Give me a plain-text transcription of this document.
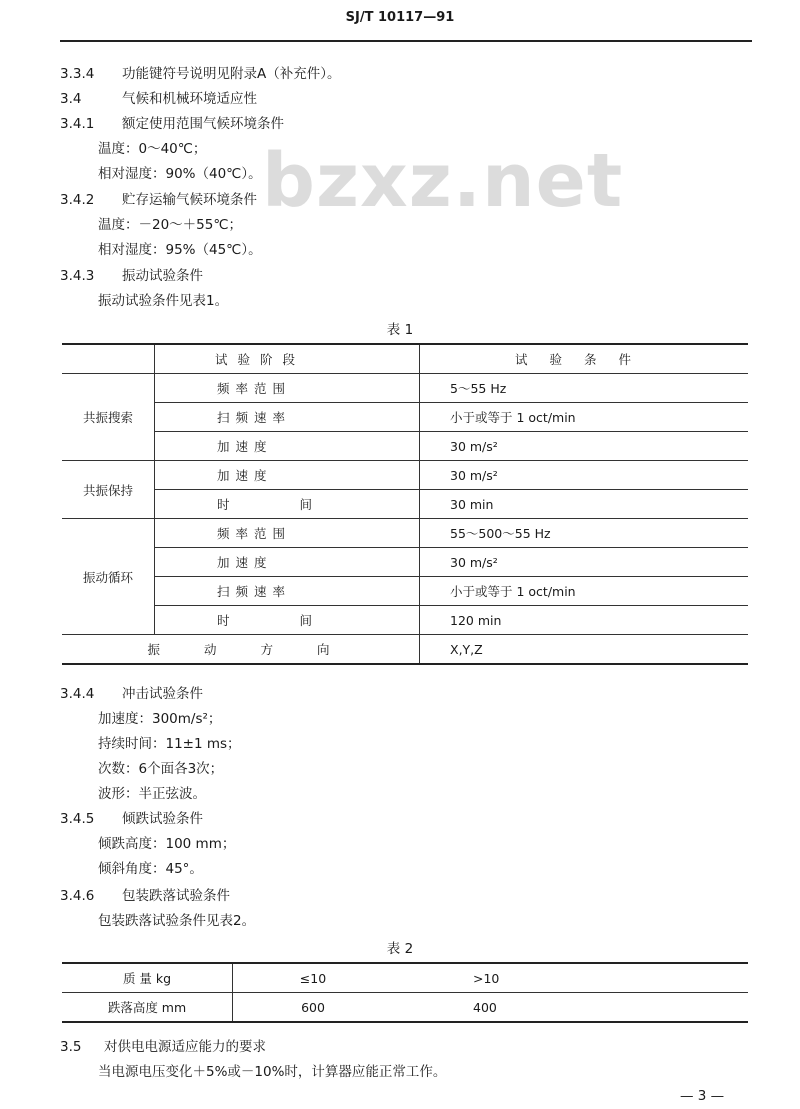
SJ/T 10117—91
bzxz.net
3.3.4 功能键符号说明见附录A（补充件）。
3.4	气候和机械环境适应性
3.4.1 额定使用范围气候环境条件
温度：0～40℃；
相对湿度：90%（40℃）。
3.4.2 贮存运输气候环境条件
温度：－20～＋55℃；
相对湿度：95%（45℃）。
3.4.3 振动试验条件
振动试验条件见表1。
表 1
	试验阶段	试验条件
共振搜索	频率范围	5～55 Hz
	扫频速率	小于或等于 1 oct/min
	加速度	30 m/s²
共振保持	加速度	30 m/s²
	时间	30 min
振动循环	频率范围	55～500～55 Hz
	加速度	30 m/s²
	扫频速率	小于或等于 1 oct/min
	时间	120 min
振动方向		X,Y,Z
3.4.4 冲击试验条件
加速度：300m/s²；
持续时间：11±1 ms；
次数：6个面各3次；
波形：半正弦波。
3.4.5 倾跌试验条件
倾跌高度：100 mm；
倾斜角度：45°。
3.4.6 包装跌落试验条件
包装跌落试验条件见表2。
表 2
质 量 kg	≤10	>10
跌落高度 mm	600	400
3.5 对供电电源适应能力的要求
当电源电压变化＋5%或－10%时，计算器应能正常工作。
— 3 —
